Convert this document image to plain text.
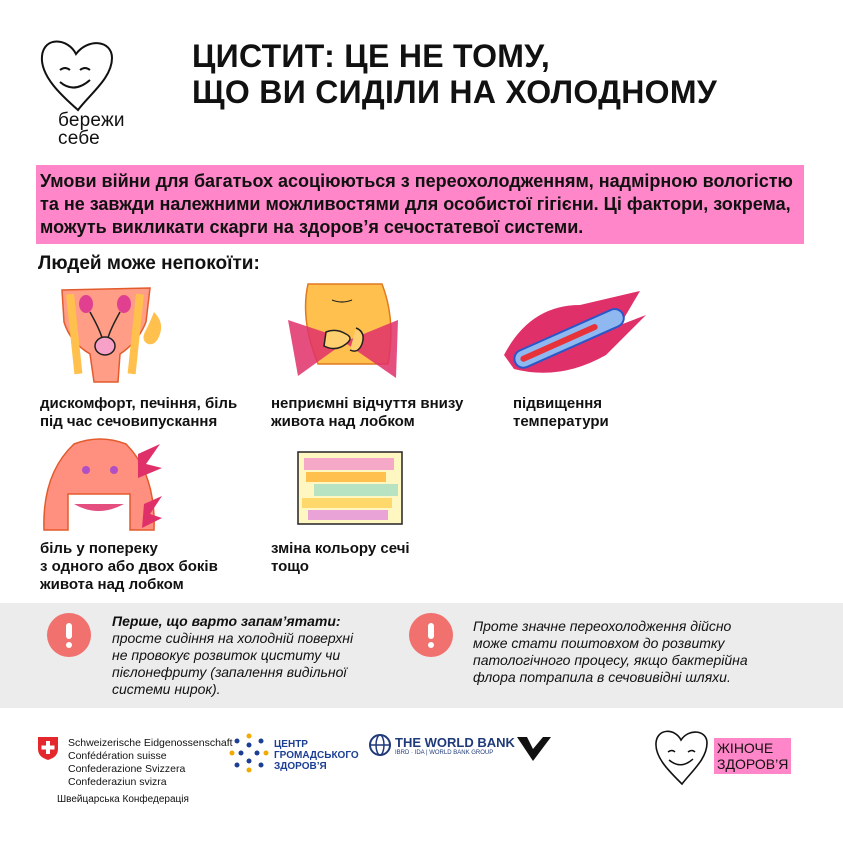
бережи
себе
ЦИСТИТ: ЦЕ НЕ ТОМУ,
ЩО ВИ СИДІЛИ НА ХОЛОДНОМУ
Умови війни для багатьох асоціюються з переохолодженням, надмірною вологістю та не завжди належними можливостями для особистої гігієни. Ці фактори, зокрема, можуть викликати скарги на здоров’я сечостатевої системи.
Людей може непокоїти:
дискомфорт, печіння, біль
під час сечовипускання
неприємні відчуття внизу
живота над лобком
підвищення
температури
біль у попереку
з одного або двох боків
живота над лобком
зміна кольору сечі
тощо
Перше, що варто запам’ятати:
просте сидіння на холодній поверхні
не провокує розвиток циститу чи
пієлонефриту (запалення видільної
системи нирок).
Проте значне переохолодження дійсно
може стати поштовхом до розвитку
патологічного процесу, якщо бактерійна
флора потрапила в сечовивідні шляхи.
Schweizerische Eidgenossenschaft
Confédération suisse
Confederazione Svizzera
Confederaziun svizra
Швейцарська Конфедерація
ЦЕНТР
ГРОМАДСЬКОГО
ЗДОРОВ’Я
THE WORLD BANK
IBRD · IDA | WORLD BANK GROUP	ЖІНОЧЕ
ЗДОРОВ’Я
